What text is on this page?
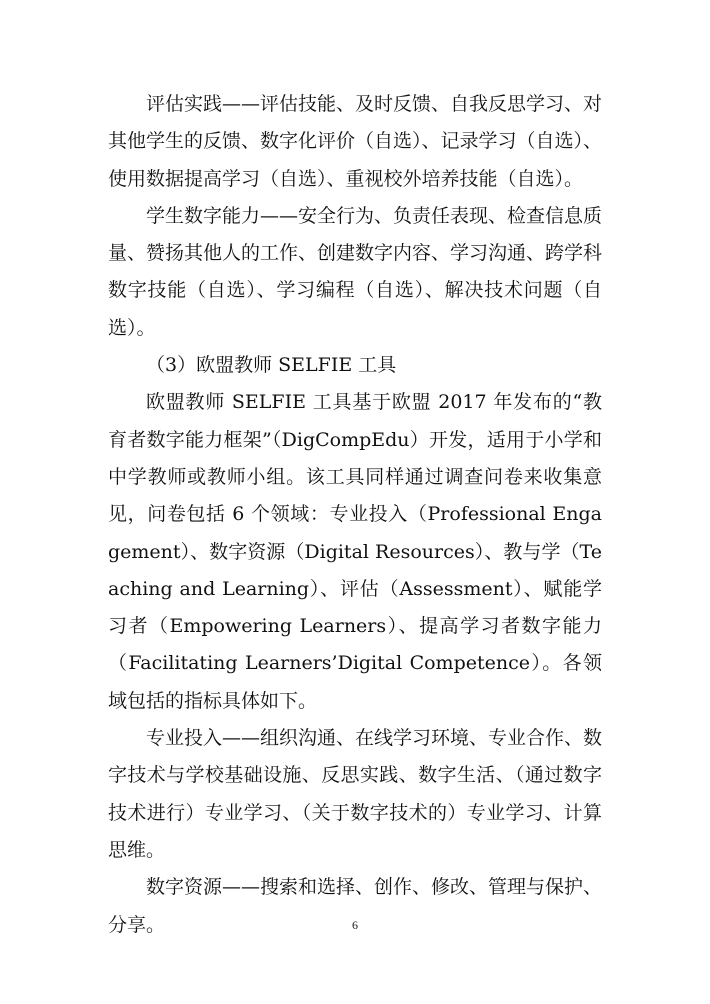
评估实践——评估技能、及时反馈、自我反思学习、对其他学生的反馈、数字化评价（自选）、记录学习（自选）、使用数据提高学习（自选）、重视校外培养技能（自选）。

学生数字能力——安全行为、负责任表现、检查信息质量、赞扬其他人的工作、创建数字内容、学习沟通、跨学科数字技能（自选）、学习编程（自选）、解决技术问题（自选）。

（3）欧盟教师 SELFIE 工具

欧盟教师 SELFIE 工具基于欧盟 2017 年发布的“教育者数字能力框架”（DigCompEdu）开发，适用于小学和中学教师或教师小组。该工具同样通过调查问卷来收集意见，问卷包括 6 个领域：专业投入（Professional Engagement）、数字资源（Digital Resources）、教与学（Teaching and Learning）、评估（Assessment）、赋能学习者（Empowering Learners）、提高学习者数字能力（Facilitating Learners’Digital Competence）。各领域包括的指标具体如下。

专业投入——组织沟通、在线学习环境、专业合作、数字技术与学校基础设施、反思实践、数字生活、（通过数字技术进行）专业学习、（关于数字技术的）专业学习、计算思维。

数字资源——搜索和选择、创作、修改、管理与保护、分享。	6
